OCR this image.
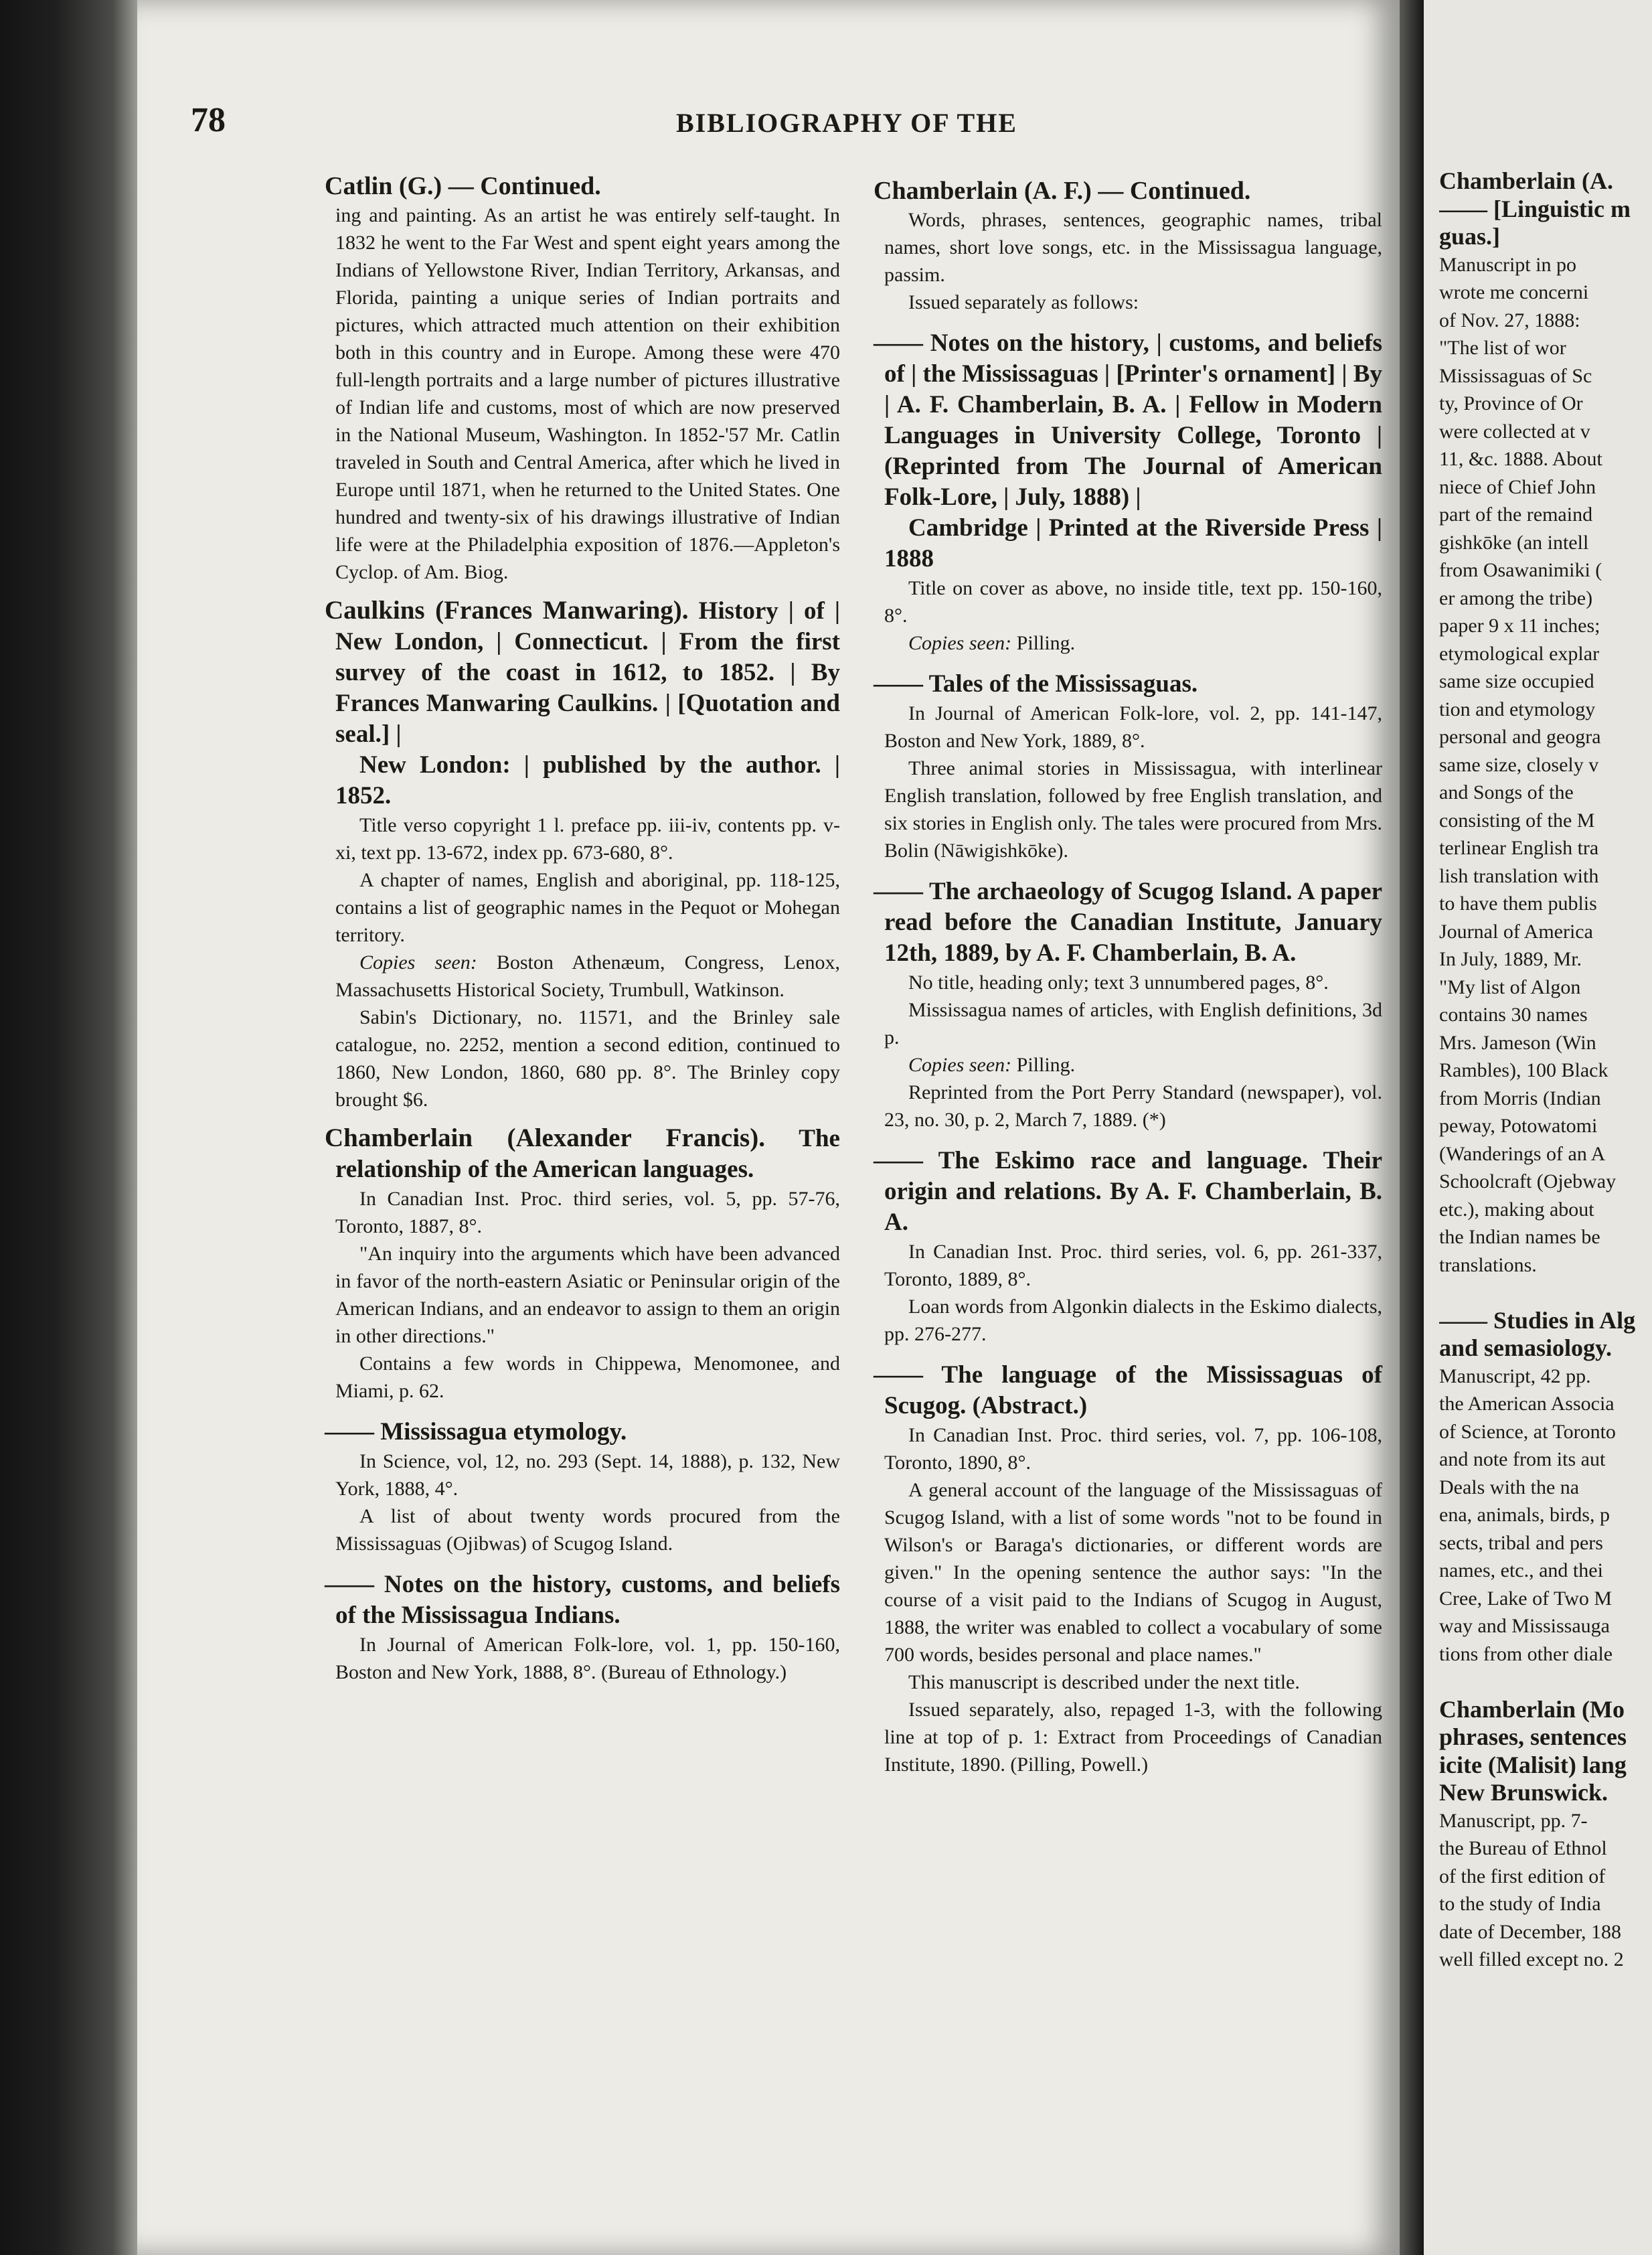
78	BIBLIOGRAPHY OF THE

Catlin (G.) — Continued.

ing and painting. As an artist he was entirely self-taught. In 1832 he went to the Far West and spent eight years among the Indians of Yellowstone River, Indian Territory, Arkansas, and Florida, painting a unique series of Indian portraits and pictures, which attracted much attention on their exhibition both in this country and in Europe. Among these were 470 full-length portraits and a large number of pictures illustrative of Indian life and customs, most of which are now preserved in the National Museum, Washington. In 1852-'57 Mr. Catlin traveled in South and Central America, after which he lived in Europe until 1871, when he returned to the United States. One hundred and twenty-six of his drawings illustrative of Indian life were at the Philadelphia exposition of 1876.—Appleton's Cyclop. of Am. Biog.

Caulkins (Frances Manwaring). History | of | New London, | Connecticut. | From the first survey of the coast in 1612, to 1852. | By Frances Manwaring Caulkins. | [Quotation and seal.] |

New London: | published by the author. | 1852.

Title verso copyright 1 l. preface pp. iii-iv, contents pp. v-xi, text pp. 13-672, index pp. 673-680, 8°.

A chapter of names, English and aboriginal, pp. 118-125, contains a list of geographic names in the Pequot or Mohegan territory.

Copies seen: Boston Athenæum, Congress, Lenox, Massachusetts Historical Society, Trumbull, Watkinson.

Sabin's Dictionary, no. 11571, and the Brinley sale catalogue, no. 2252, mention a second edition, continued to 1860, New London, 1860, 680 pp. 8°. The Brinley copy brought $6.

Chamberlain (Alexander Francis). The relationship of the American languages.

In Canadian Inst. Proc. third series, vol. 5, pp. 57-76, Toronto, 1887, 8°.

"An inquiry into the arguments which have been advanced in favor of the north-eastern Asiatic or Peninsular origin of the American Indians, and an endeavor to assign to them an origin in other directions."

Contains a few words in Chippewa, Menomonee, and Miami, p. 62.

—— Mississagua etymology.

In Science, vol, 12, no. 293 (Sept. 14, 1888), p. 132, New York, 1888, 4°.

A list of about twenty words procured from the Mississaguas (Ojibwas) of Scugog Island.

—— Notes on the history, customs, and beliefs of the Mississagua Indians.

In Journal of American Folk-lore, vol. 1, pp. 150-160, Boston and New York, 1888, 8°. (Bureau of Ethnology.)

Chamberlain (A. F.) — Continued.

Words, phrases, sentences, geographic names, tribal names, short love songs, etc. in the Mississagua language, passim.

Issued separately as follows:

—— Notes on the history, | customs, and beliefs of | the Mississaguas | [Printer's ornament] | By | A. F. Chamberlain, B. A. | Fellow in Modern Languages in University College, Toronto | (Reprinted from The Journal of American Folk-Lore, | July, 1888) |

Cambridge | Printed at the Riverside Press | 1888

Title on cover as above, no inside title, text pp. 150-160, 8°.

Copies seen: Pilling.

—— Tales of the Mississaguas.

In Journal of American Folk-lore, vol. 2, pp. 141-147, Boston and New York, 1889, 8°.

Three animal stories in Mississagua, with interlinear English translation, followed by free English translation, and six stories in English only. The tales were procured from Mrs. Bolin (Nāwigishkōke).

—— The archaeology of Scugog Island. A paper read before the Canadian Institute, January 12th, 1889, by A. F. Chamberlain, B. A.

No title, heading only; text 3 unnumbered pages, 8°.

Mississagua names of articles, with English definitions, 3d p.

Copies seen: Pilling.

Reprinted from the Port Perry Standard (newspaper), vol. 23, no. 30, p. 2, March 7, 1889. (*)

—— The Eskimo race and language. Their origin and relations. By A. F. Chamberlain, B. A.

In Canadian Inst. Proc. third series, vol. 6, pp. 261-337, Toronto, 1889, 8°.

Loan words from Algonkin dialects in the Eskimo dialects, pp. 276-277.

—— The language of the Mississaguas of Scugog. (Abstract.)

In Canadian Inst. Proc. third series, vol. 7, pp. 106-108, Toronto, 1890, 8°.

A general account of the language of the Mississaguas of Scugog Island, with a list of some words "not to be found in Wilson's or Baraga's dictionaries, or different words are given." In the opening sentence the author says: "In the course of a visit paid to the Indians of Scugog in August, 1888, the writer was enabled to collect a vocabulary of some 700 words, besides personal and place names."

This manuscript is described under the next title.

Issued separately, also, repaged 1-3, with the following line at top of p. 1: Extract from Proceedings of Canadian Institute, 1890. (Pilling, Powell.)

Chamberlain (A.
—— [Linguistic m
guas.]
Manuscript in po
wrote me concerni
of Nov. 27, 1888:
"The list of wor
Mississaguas of Sc
ty, Province of Or
were collected at v
11, &c. 1888. About
niece of Chief John
part of the remaind
gishkōke (an intell
from Osawanimiki (
er among the tribe)
paper 9 x 11 inches;
etymological explar
same size occupied
tion and etymology
personal and geogra
same size, closely v
and Songs of the
consisting of the M
terlinear English tra
lish translation with
to have them publis
Journal of America
In July, 1889, Mr.
"My list of Algon
contains 30 names
Mrs. Jameson (Win
Rambles), 100 Black
from Morris (Indian
peway, Potowatomi
(Wanderings of an A
Schoolcraft (Ojebway
etc.), making about
the Indian names be
translations.
—— Studies in Alg
and semasiology.
Manuscript, 42 pp.
the American Associa
of Science, at Toronto
and note from its aut
Deals with the na
ena, animals, birds, p
sects, tribal and pers
names, etc., and thei
Cree, Lake of Two M
way and Mississauga
tions from other diale
Chamberlain (Mo
phrases, sentences
icite (Malisit) lang
New Brunswick.
Manuscript, pp. 7-
the Bureau of Ethnol
of the first edition of
to the study of India
date of December, 188
well filled except no. 2
